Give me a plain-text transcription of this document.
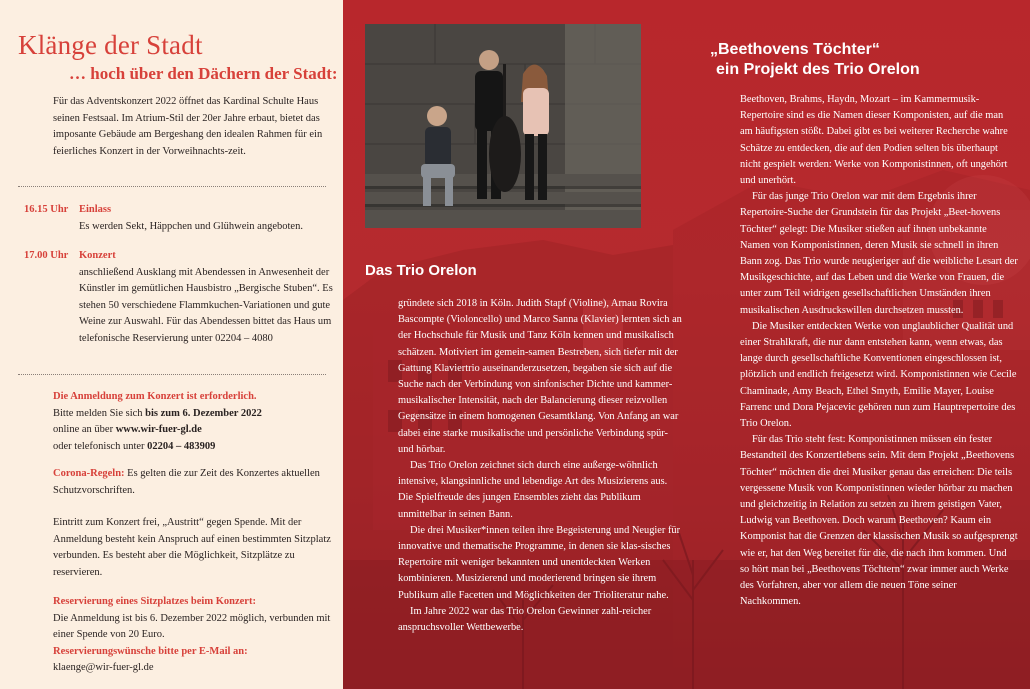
Klänge der Stadt
… hoch über den Dächern der Stadt:
Für das Adventskonzert 2022 öffnet das Kardinal Schulte Haus seinen Festsaal. Im Atrium-Stil der 20er Jahre erbaut, bietet das imposante Gebäude am Bergeshang den idealen Rahmen für ein feierliches Konzert in der Vorweihnachts-zeit.
16.15 Uhr Einlass
Es werden Sekt, Häppchen und Glühwein angeboten.
17.00 Uhr Konzert
anschließend Ausklang mit Abendessen in Anwesenheit der Künstler im gemütlichen Hausbistro „Bergische Stuben“. Es stehen 50 verschiedene Flammkuchen-Variationen und gute Weine zur Auswahl. Für das Abendessen bittet das Haus um telefonische Reservierung unter 02204 – 4080
Die Anmeldung zum Konzert ist erforderlich.
Bitte melden Sie sich bis zum 6. Dezember 2022
online an über www.wir-fuer-gl.de
oder telefonisch unter 02204 – 483909
Corona-Regeln: Es gelten die zur Zeit des Konzertes aktuellen Schutzvorschriften.
Eintritt zum Konzert frei, „Austritt“ gegen Spende. Mit der Anmeldung besteht kein Anspruch auf einen bestimmten Sitzplatz verbunden. Es besteht aber die Möglichkeit, Sitzplätze zu reservieren.
Reservierung eines Sitzplatzes beim Konzert:
Die Anmeldung ist bis 6. Dezember 2022 möglich, verbunden mit einer Spende von 20 Euro.
Reservierungswünsche bitte per E-Mail an:
klaenge@wir-fuer-gl.de
Das Trio Orelon

gründete sich 2018 in Köln. Judith Stapf (Violine), Arnau Rovira Bascompte (Violoncello) und Marco Sanna (Klavier) lernten sich an der Hochschule für Musik und Tanz Köln kennen und musikalisch schätzen. Motiviert im gemein-samen Bestreben, sich tiefer mit der Gattung Klaviertrio auseinanderzusetzen, begaben sie sich auf die Suche nach der Verbindung von sinfonischer Dichte und kammer-musikalischer Intensität, nach der Balancierung dieser reizvollen Gegensätze in einem homogenen Gesamtklang. Von Anfang an war dabei eine starke musikalische und persönliche Verbindung spür- und hörbar.

Das Trio Orelon zeichnet sich durch eine außerge-wöhnlich intensive, klangsinnliche und lebendige Art des Musizierens aus. Die Spielfreude des jungen Ensembles zieht das Publikum unmittelbar in seinen Bann.

Die drei Musiker*innen teilen ihre Begeisterung und Neugier für innovative und thematische Programme, in denen sie klas-sisches Repertoire mit weniger bekannten und unentdeckten Werken kombinieren. Musizierend und moderierend bringen sie ihrem Publikum alle Facetten und Möglichkeiten der Trioliteratur nahe.

Im Jahre 2022 war das Trio Orelon Gewinner zahl-reicher anspruchsvoller Wettbewerbe.

„Beethovens Töchter“
ein Projekt des Trio Orelon

Beethoven, Brahms, Haydn, Mozart – im Kammermusik-Repertoire sind es die Namen dieser Komponisten, auf die man am häufigsten stößt. Dabei gibt es bei weiterer Recherche wahre Schätze zu entdecken, die auf den Podien selten bis überhaupt nicht gespielt werden: Werke von Komponistinnen, oft ungehört und unerhört.

Für das junge Trio Orelon war mit dem Ergebnis ihrer Repertoire-Suche der Grundstein für das Projekt „Beet-hovens Töchter“ gelegt: Die Musiker stießen auf ihnen unbekannte Namen von Komponistinnen, deren Musik sie schnell in ihren Bann zog. Das Trio wurde neugieriger auf die weibliche Lesart der Musikgeschichte, auf das Leben und die Werke von Frauen, die unter zum Teil widrigen gesellschaftlichen Umständen ihren musikalischen Ausdruckswillen durchsetzen mussten.

Die Musiker entdeckten Werke von unglaublicher Qualität und einer Strahlkraft, die nur dann entstehen kann, wenn etwas, das lange durch gesellschaftliche Konventionen eingeschlossen ist, plötzlich und endlich freigesetzt wird. Komponistinnen wie Cecile Chaminade, Amy Beach, Ethel Smyth, Emilie Mayer, Louise Farrenc und Dora Pejacevic gehören nun zum Hauptrepertoire des Trio Orelon.

Für das Trio steht fest: Komponistinnen müssen ein fester Bestandteil des Konzertlebens sein. Mit dem Projekt „Beethovens Töchter“ möchten die drei Musiker genau das erreichen: Die teils vergessene Musik von Komponistinnen wieder hörbar zu machen und gleichzeitig in Relation zu setzen zu ihrem geistigen Vater, Ludwig van Beethoven. Doch warum Beethoven? Kaum ein Komponist hat die Grenzen der klassischen Musik so aufgesprengt wie er, hat den Weg bereitet für die, die nach ihm kommen. Und so hört man bei „Beethovens Töchtern“ zwar immer auch Werke des Vorfahren, aber vor allem die neuen Töne seiner Nachkommen.
